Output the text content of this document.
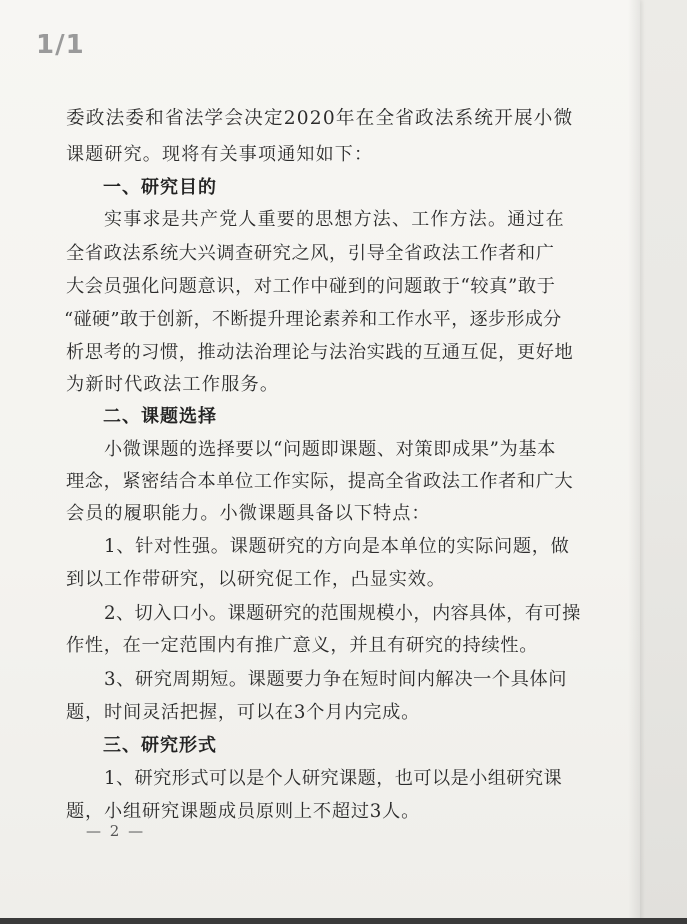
委政法委和省法学会决定2020年在全省政法系统开展小微
课题研究。现将有关事项通知如下：
一、研究目的
实事求是共产党人重要的思想方法、工作方法。通过在
全省政法系统大兴调查研究之风，引导全省政法工作者和广
大会员强化问题意识，对工作中碰到的问题敢于“较真”敢于
“碰硬”敢于创新，不断提升理论素养和工作水平，逐步形成分
析思考的习惯，推动法治理论与法治实践的互通互促，更好地
为新时代政法工作服务。
二、课题选择
小微课题的选择要以“问题即课题、对策即成果”为基本
理念，紧密结合本单位工作实际，提高全省政法工作者和广大
会员的履职能力。小微课题具备以下特点：
1、针对性强。课题研究的方向是本单位的实际问题，做
到以工作带研究，以研究促工作，凸显实效。
2、切入口小。课题研究的范围规模小，内容具体，有可操
作性，在一定范围内有推广意义，并且有研究的持续性。
3、研究周期短。课题要力争在短时间内解决一个具体问
题，时间灵活把握，可以在3个月内完成。
三、研究形式
1、研究形式可以是个人研究课题，也可以是小组研究课
题，小组研究课题成员原则上不超过3人。
— 2 —
1/1
